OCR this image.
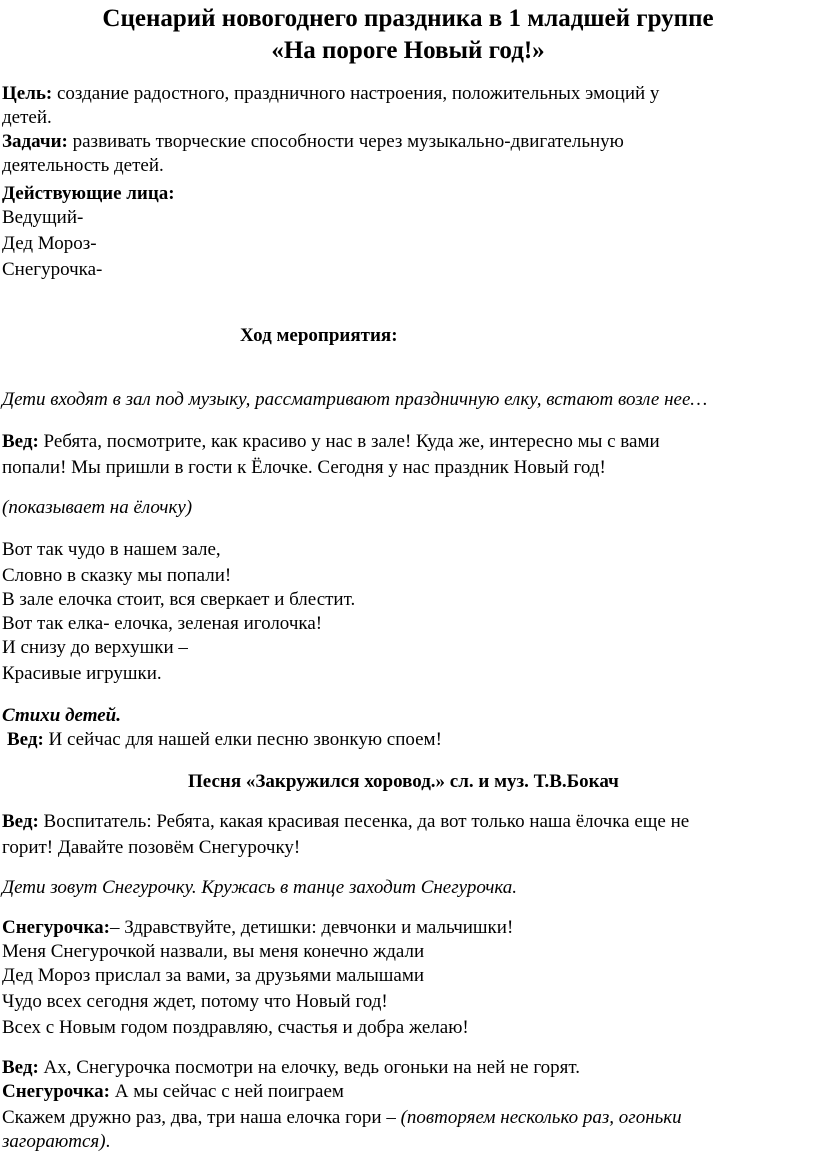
Сценарий новогоднего праздника в 1 младшей группе
«На пороге Новый год!»
Цель: создание радостного, праздничного настроения, положительных эмоций у
детей.
Задачи: развивать творческие способности через музыкально-двигательную
деятельность детей.
Действующие лица:
Ведущий-
Дед Мороз-
Снегурочка-
Ход мероприятия:
Дети входят в зал под музыку, рассматривают праздничную елку, встают возле нее…
Вед: Ребята, посмотрите, как красиво у нас в зале! Куда же, интересно мы с вами
попали! Мы пришли в гости к Ёлочке. Сегодня у нас праздник Новый год!
(показывает на ёлочку)
Вот так чудо в нашем зале,
Словно в сказку мы попали!
В зале елочка стоит, вся сверкает и блестит.
Вот так елка- елочка, зеленая иголочка!
И снизу до верхушки –
Красивые игрушки.
Стихи детей.
Вед: И сейчас для нашей елки песню звонкую споем!
Песня «Закружился хоровод.» сл. и муз. Т.В.Бокач
Вед: Воспитатель: Ребята, какая красивая песенка, да вот только наша ёлочка еще не
горит! Давайте позовём Снегурочку!
Дети зовут Снегурочку. Кружась в танце заходит Снегурочка.
Снегурочка:– Здравствуйте, детишки: девчонки и мальчишки!
Меня Снегурочкой назвали, вы меня конечно ждали
Дед Мороз прислал за вами, за друзьями малышами
Чудо всех сегодня ждет, потому что Новый год!
Всех с Новым годом поздравляю, счастья и добра желаю!
Вед: Ах, Снегурочка посмотри на елочку, ведь огоньки на ней не горят.
Снегурочка: А мы сейчас с ней поиграем
Скажем дружно раз, два, три наша елочка гори – (повторяем несколько раз, огоньки
загораются).
